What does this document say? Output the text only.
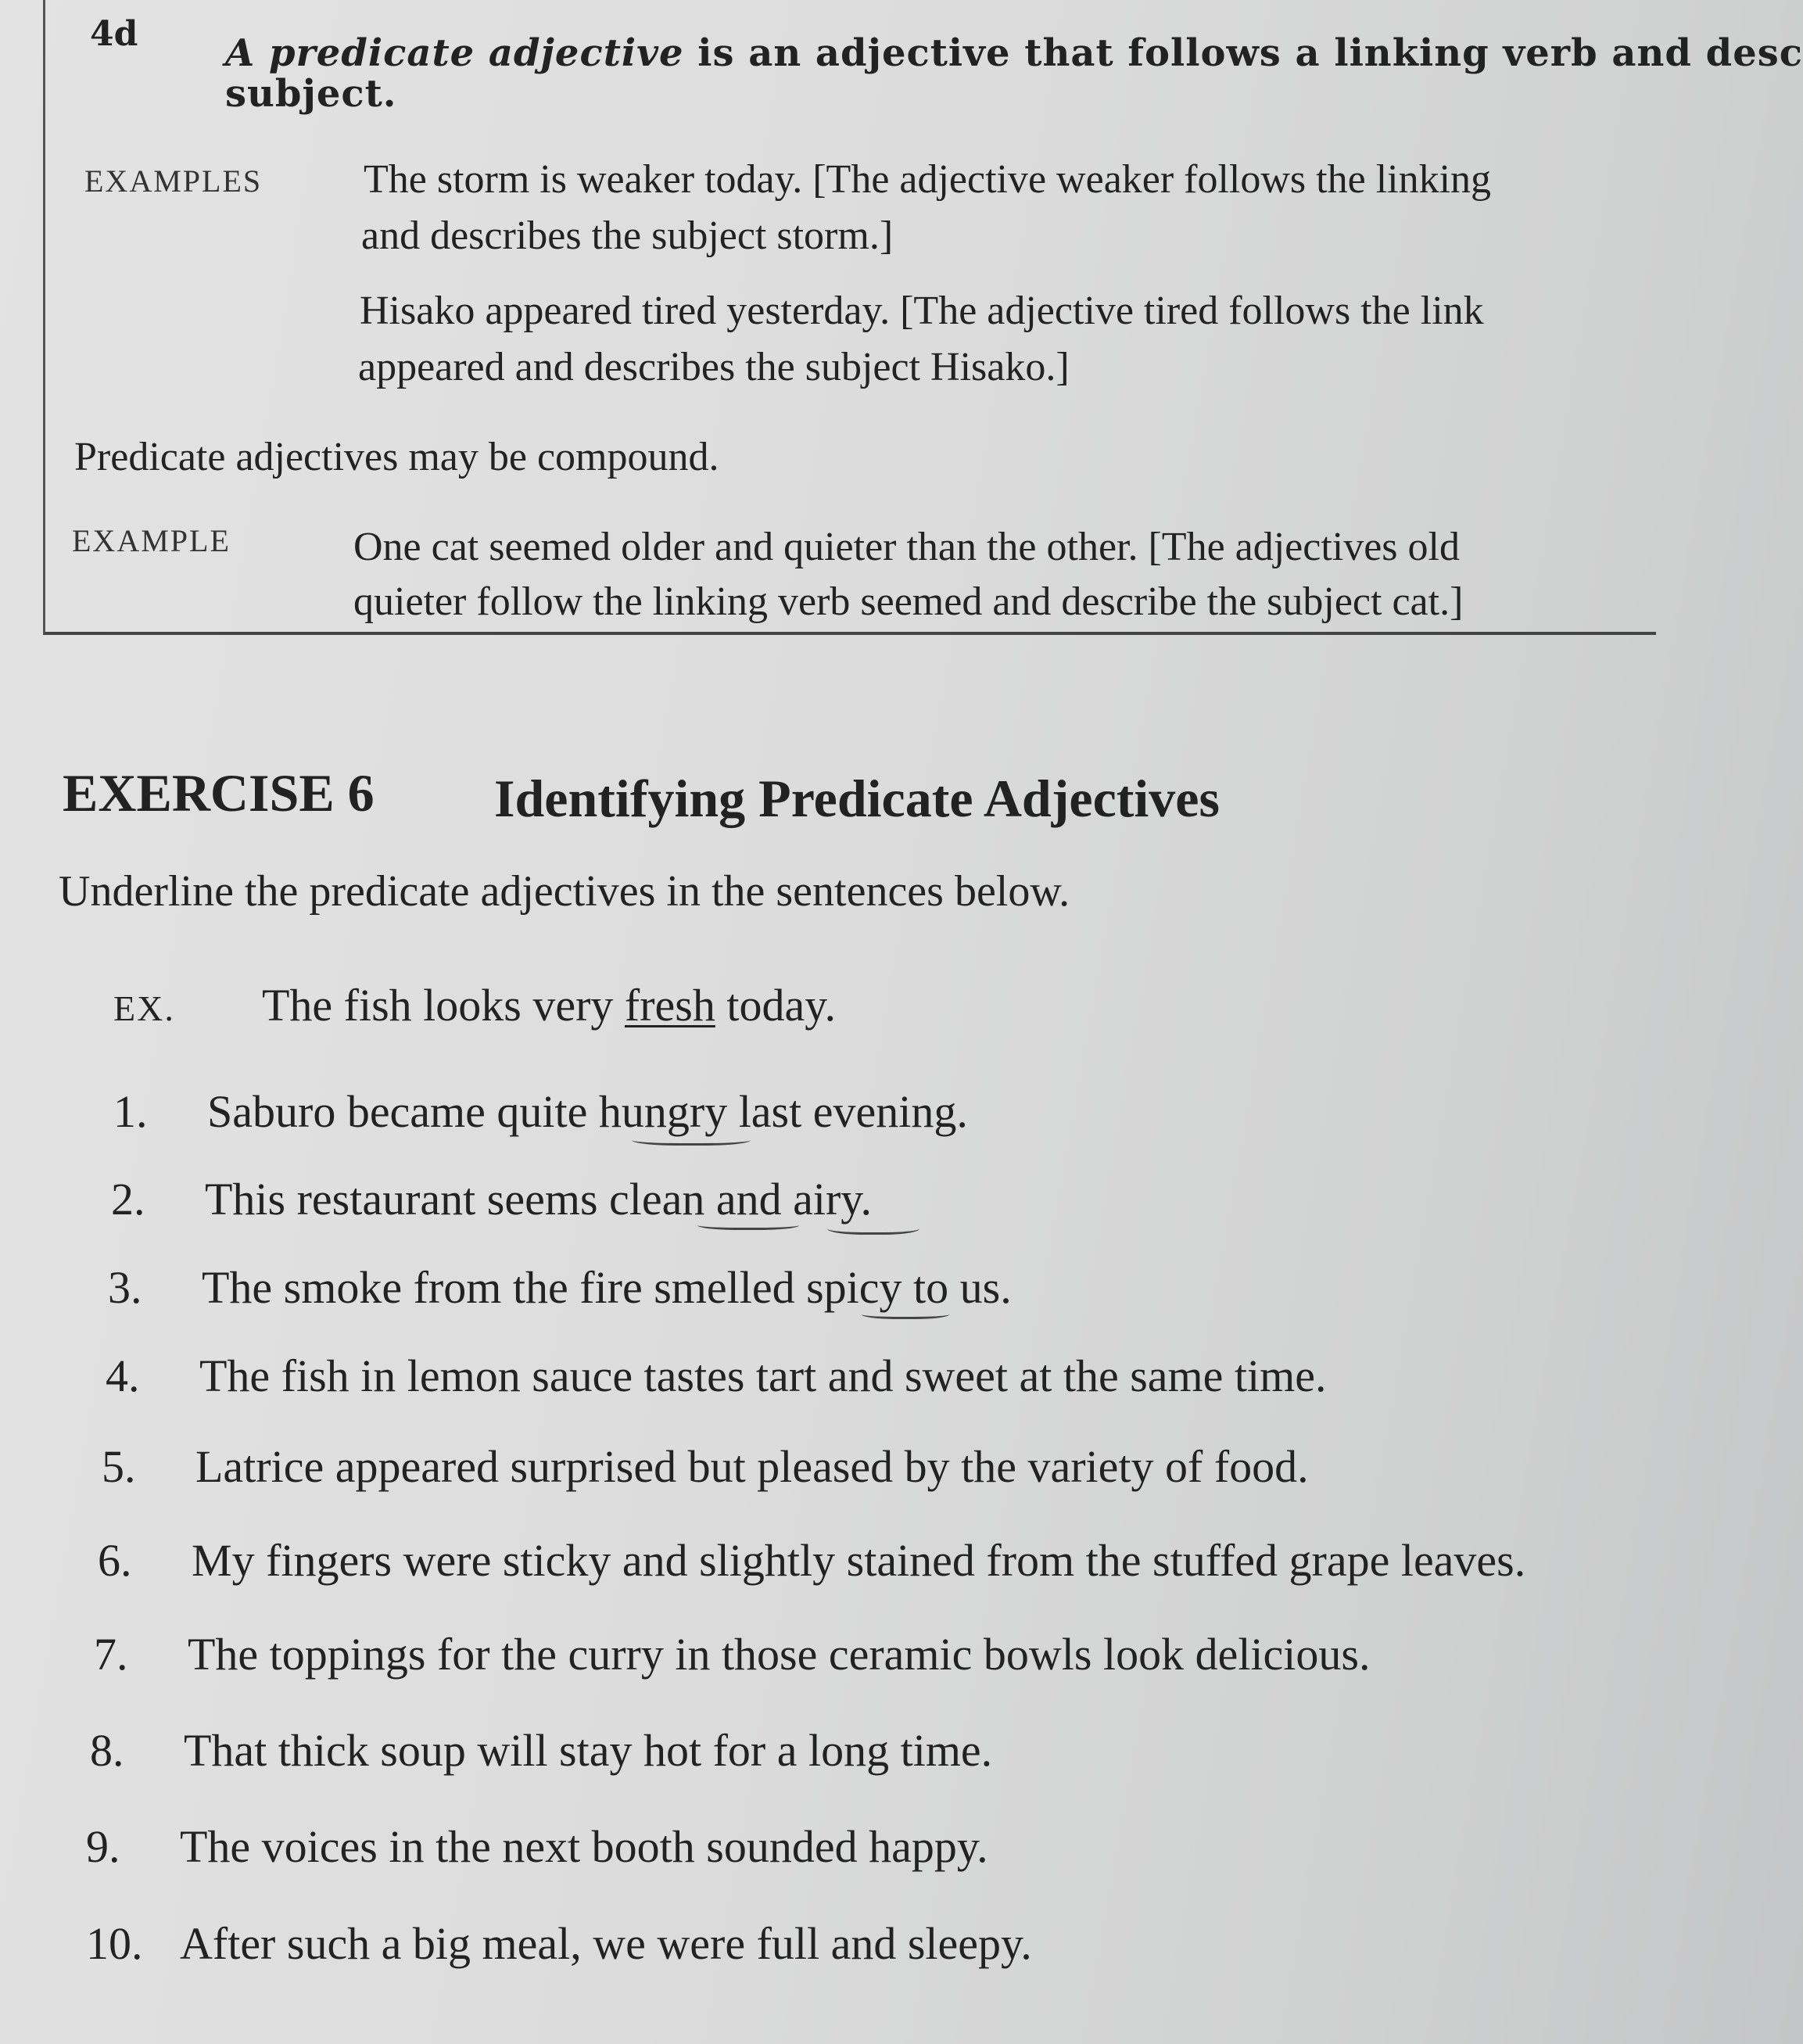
4d A predicate adjective is an adjective that follows a linking verb and desc
subject.
EXAMPLES The storm is weaker today. [The adjective weaker follows the linking
and describes the subject storm.]
Hisako appeared tired yesterday. [The adjective tired follows the link
appeared and describes the subject Hisako.]
Predicate adjectives may be compound.
EXAMPLE	One cat seemed older and quieter than the other. [The adjectives old
quieter follow the linking verb seemed and describe the subject cat.]
EXERCISE 6 Identifying Predicate Adjectives
Underline the predicate adjectives in the sentences below.
EX. The fish looks very fresh today.
1. Saburo became quite hungry last evening.
2. This restaurant seems clean and airy.
3. The smoke from the fire smelled spicy to us.
4. The fish in lemon sauce tastes tart and sweet at the same time.
5. Latrice appeared surprised but pleased by the variety of food.
6. My fingers were sticky and slightly stained from the stuffed grape leaves.
7. The toppings for the curry in those ceramic bowls look delicious.
8. That thick soup will stay hot for a long time.
9. The voices in the next booth sounded happy.
10. After such a big meal, we were full and sleepy.
